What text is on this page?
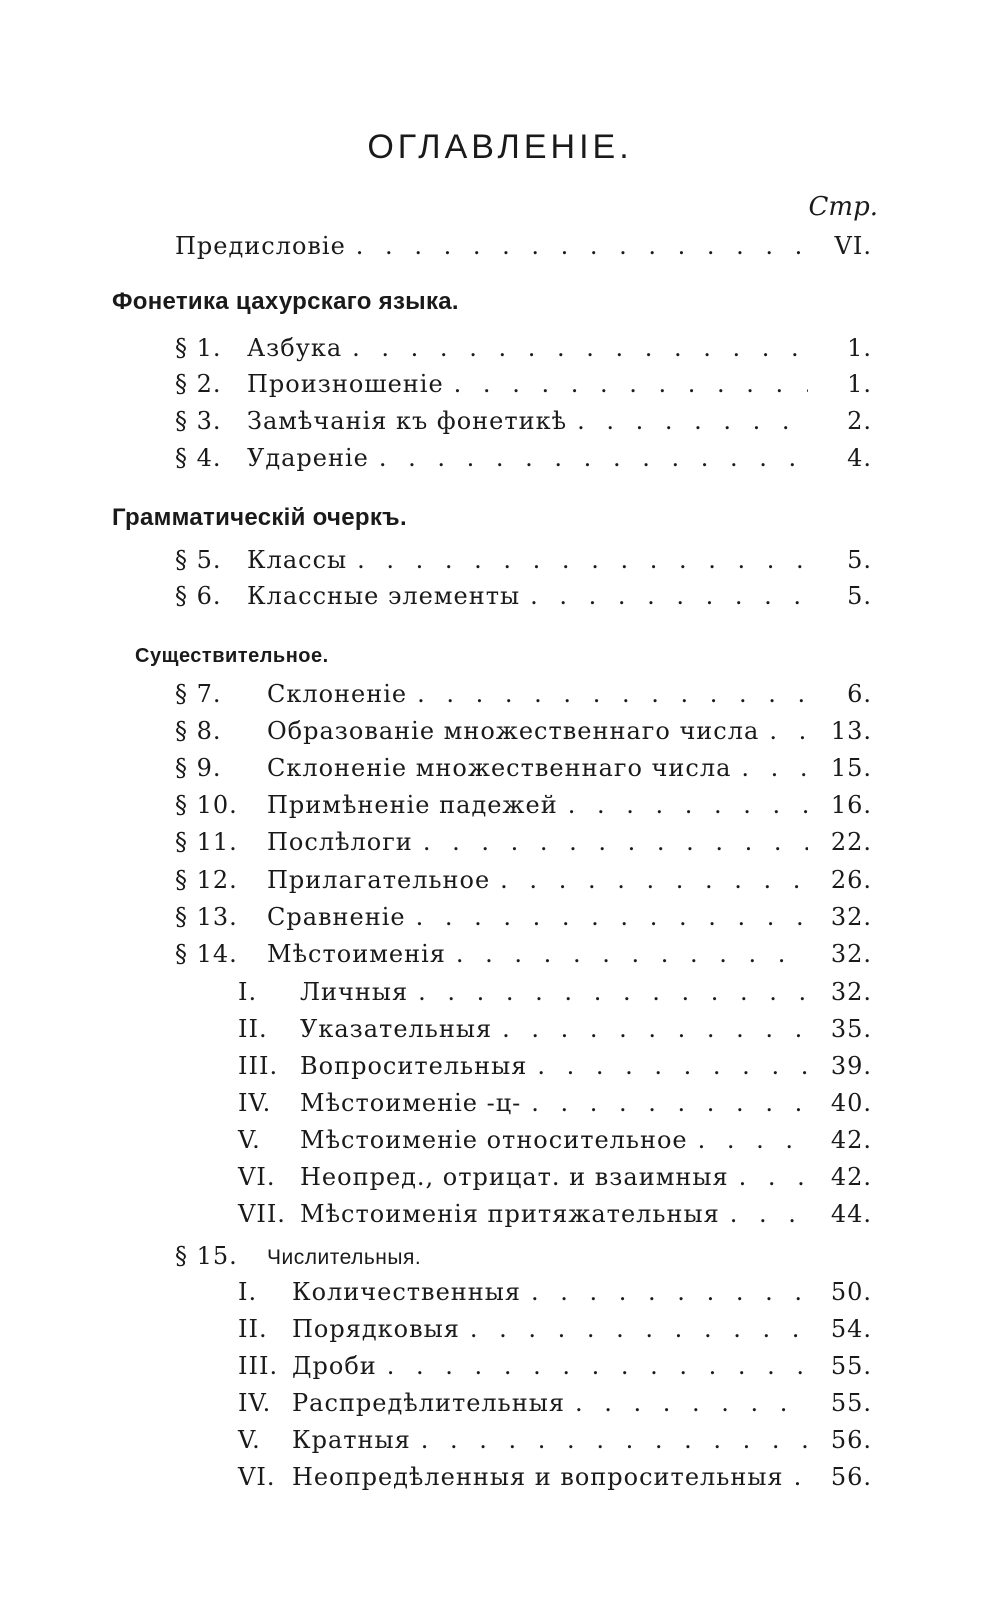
ОГЛАВЛЕНІЕ.
Стр.
Предисловіе . . .	VI.
Фонетика цахурскаго языка.
§ 1.	Азбука . . .	1.
§ 2.	Произношеніе . . .	1.
§ 3.	Замѣчанія къ фонетикѣ . . .	2.
§ 4.	Удареніе . . .	4.
Грамматическій очеркъ.
§ 5.	Классы . . .	5.
§ 6.	Классные элементы . . .	5.
Существительное.
§ 7.	Склоненіе . . .	6.
§ 8.	Образованіе множественнаго числа . . .	13.
§ 9.	Склоненіе множественнаго числа . . .	15.
§ 10.	Примѣненіе падежей . . .	16.
§ 11.	Послѣлоги . . .	22.
§ 12.	Прилагательное . . .	26.
§ 13.	Сравненіе . . .	32.
§ 14.	Мѣстоименія . . .	32.
I.	Личныя . . .	32.
II.	Указательныя . . .	35.
III. Вопросительныя . . .	39.
IV.	Мѣстоименіе -ц- . . .	40.
V.	Мѣстоименіе относительное . . .	42.
VI.	Неопред., отрицат. и взаимныя . . .	42.
VII. Мѣстоименія притяжательныя . . .	44.
§ 15.	Числительныя.
I.	Количественныя . . .	50.
II.	Порядковыя . . .	54.
III. Дроби . . .	55.
IV. Распредѣлительныя . . .	55.
V.	Кратныя . . .	56.
VI. Неопредѣленныя и вопросительныя . . .	56.
